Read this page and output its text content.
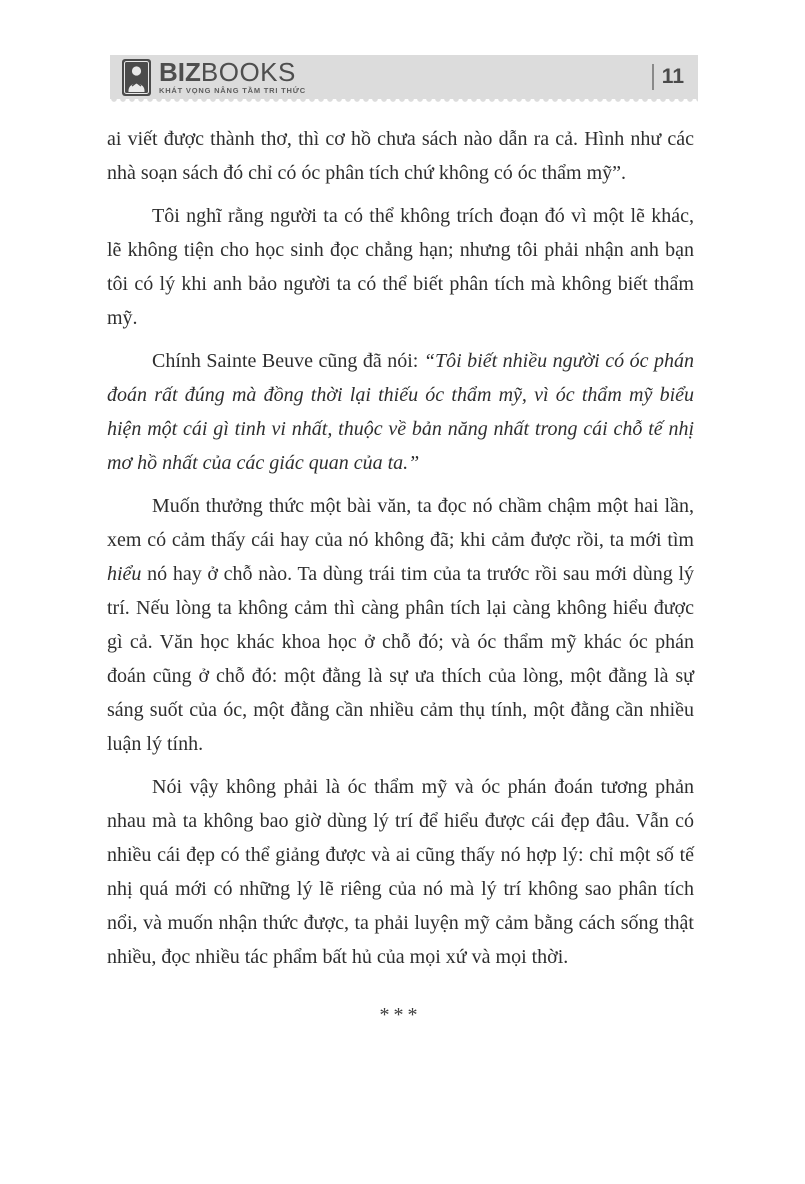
BIZBOOKS
KHÁT VỌNG NÂNG TẦM TRI THỨC
11

ai viết được thành thơ, thì cơ hồ chưa sách nào dẫn ra cả. Hình như các nhà soạn sách đó chỉ có óc phân tích chứ không có óc thẩm mỹ”.

Tôi nghĩ rằng người ta có thể không trích đoạn đó vì một lẽ khác, lẽ không tiện cho học sinh đọc chẳng hạn; nhưng tôi phải nhận anh bạn tôi có lý khi anh bảo người ta có thể biết phân tích mà không biết thẩm mỹ.

Chính Sainte Beuve cũng đã nói: “Tôi biết nhiều người có óc phán đoán rất đúng mà đồng thời lại thiếu óc thẩm mỹ, vì óc thẩm mỹ biểu hiện một cái gì tinh vi nhất, thuộc về bản năng nhất trong cái chỗ tế nhị mơ hồ nhất của các giác quan của ta.”

Muốn thưởng thức một bài văn, ta đọc nó chầm chậm một hai lần, xem có cảm thấy cái hay của nó không đã; khi cảm được rồi, ta mới tìm hiểu nó hay ở chỗ nào. Ta dùng trái tim của ta trước rồi sau mới dùng lý trí. Nếu lòng ta không cảm thì càng phân tích lại càng không hiểu được gì cả. Văn học khác khoa học ở chỗ đó; và óc thẩm mỹ khác óc phán đoán cũng ở chỗ đó: một đằng là sự ưa thích của lòng, một đằng là sự sáng suốt của óc, một đằng cần nhiều cảm thụ tính, một đằng cần nhiều luận lý tính.

Nói vậy không phải là óc thẩm mỹ và óc phán đoán tương phản nhau mà ta không bao giờ dùng lý trí để hiểu được cái đẹp đâu. Vẫn có nhiều cái đẹp có thể giảng được và ai cũng thấy nó hợp lý: chỉ một số tế nhị quá mới có những lý lẽ riêng của nó mà lý trí không sao phân tích nổi, và muốn nhận thức được, ta phải luyện mỹ cảm bằng cách sống thật nhiều, đọc nhiều tác phẩm bất hủ của mọi xứ và mọi thời.

***
